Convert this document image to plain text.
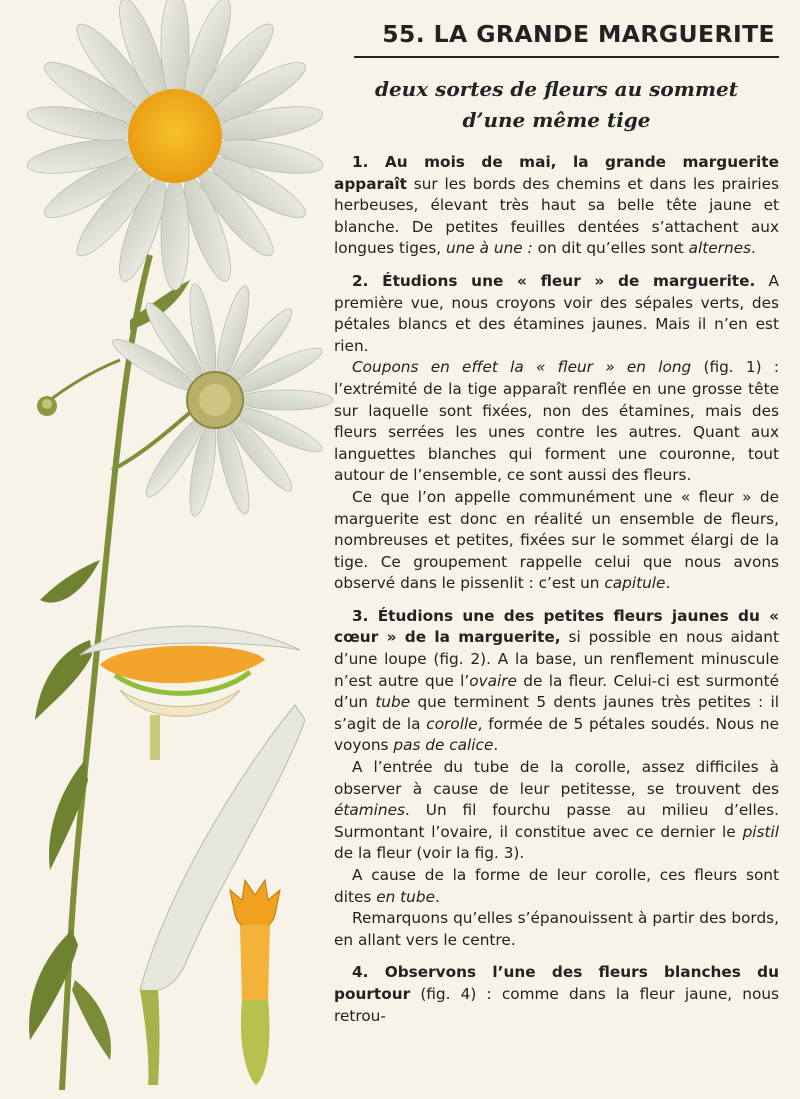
55. LA GRANDE MARGUERITE
deux sortes de fleurs au sommet
d’une même tige

1. Au mois de mai, la grande marguerite apparaît sur les bords des chemins et dans les prairies herbeuses, élevant très haut sa belle tête jaune et blanche. De petites feuilles dentées s’attachent aux longues tiges, une à une : on dit qu’elles sont alternes.

2. Étudions une « fleur » de marguerite. A première vue, nous croyons voir des sépales verts, des pétales blancs et des étamines jaunes. Mais il n’en est rien.

Coupons en effet la « fleur » en long (fig. 1) : l’extrémité de la tige apparaît renflée en une grosse tête sur laquelle sont fixées, non des étamines, mais des fleurs serrées les unes contre les autres. Quant aux languettes blanches qui forment une couronne, tout autour de l’ensemble, ce sont aussi des fleurs.

Ce que l’on appelle communément une « fleur » de marguerite est donc en réalité un ensemble de fleurs, nombreuses et petites, fixées sur le sommet élargi de la tige. Ce groupement rappelle celui que nous avons observé dans le pissenlit : c’est un capitule.

3. Étudions une des petites fleurs jaunes du « cœur » de la marguerite, si possible en nous aidant d’une loupe (fig. 2). A la base, un renflement minuscule n’est autre que l’ovaire de la fleur. Celui-ci est surmonté d’un tube que terminent 5 dents jaunes très petites : il s’agit de la corolle, formée de 5 pétales soudés. Nous ne voyons pas de calice.

A l’entrée du tube de la corolle, assez difficiles à observer à cause de leur petitesse, se trouvent des étamines. Un fil fourchu passe au milieu d’elles. Surmontant l’ovaire, il constitue avec ce dernier le pistil de la fleur (voir la fig. 3).

A cause de la forme de leur corolle, ces fleurs sont dites en tube.

Remarquons qu’elles s’épanouissent à partir des bords, en allant vers le centre.

4. Observons l’une des fleurs blanches du pourtour (fig. 4) : comme dans la fleur jaune, nous retrou-
